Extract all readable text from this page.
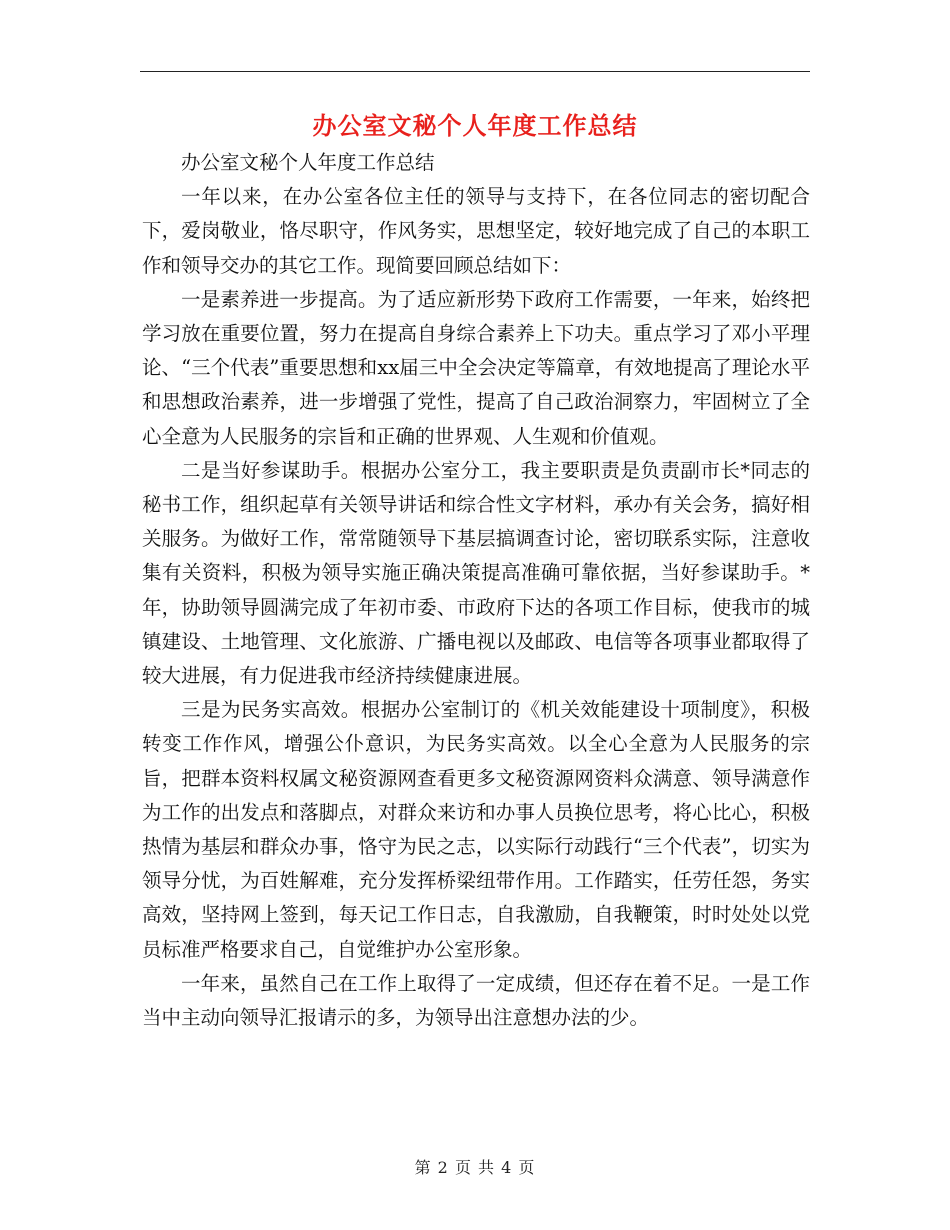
办公室文秘个人年度工作总结

办公室文秘个人年度工作总结

一年以来，在办公室各位主任的领导与支持下，在各位同志的密切配合下，爱岗敬业，恪尽职守，作风务实，思想坚定，较好地完成了自己的本职工作和领导交办的其它工作。现简要回顾总结如下：

一是素养进一步提高。为了适应新形势下政府工作需要，一年来，始终把学习放在重要位置，努力在提高自身综合素养上下功夫。重点学习了邓小平理论、“三个代表”重要思想和xx届三中全会决定等篇章，有效地提高了理论水平和思想政治素养，进一步增强了党性，提高了自己政治洞察力，牢固树立了全心全意为人民服务的宗旨和正确的世界观、人生观和价值观。

二是当好参谋助手。根据办公室分工，我主要职责是负责副市长*同志的秘书工作，组织起草有关领导讲话和综合性文字材料，承办有关会务，搞好相关服务。为做好工作，常常随领导下基层搞调查讨论，密切联系实际，注意收集有关资料，积极为领导实施正确决策提高准确可靠依据，当好参谋助手。*年，协助领导圆满完成了年初市委、市政府下达的各项工作目标，使我市的城镇建设、土地管理、文化旅游、广播电视以及邮政、电信等各项事业都取得了较大进展，有力促进我市经济持续健康进展。

三是为民务实高效。根据办公室制订的《机关效能建设十项制度》，积极转变工作作风，增强公仆意识，为民务实高效。以全心全意为人民服务的宗旨，把群本资料权属文秘资源网查看更多文秘资源网资料众满意、领导满意作为工作的出发点和落脚点，对群众来访和办事人员换位思考，将心比心，积极热情为基层和群众办事，恪守为民之志，以实际行动践行“三个代表”，切实为领导分忧，为百姓解难，充分发挥桥梁纽带作用。工作踏实，任劳任怨，务实高效，坚持网上签到，每天记工作日志，自我激励，自我鞭策，时时处处以党员标准严格要求自己，自觉维护办公室形象。

一年来，虽然自己在工作上取得了一定成绩，但还存在着不足。一是工作当中主动向领导汇报请示的多，为领导出注意想办法的少。

第 2 页 共 4 页
